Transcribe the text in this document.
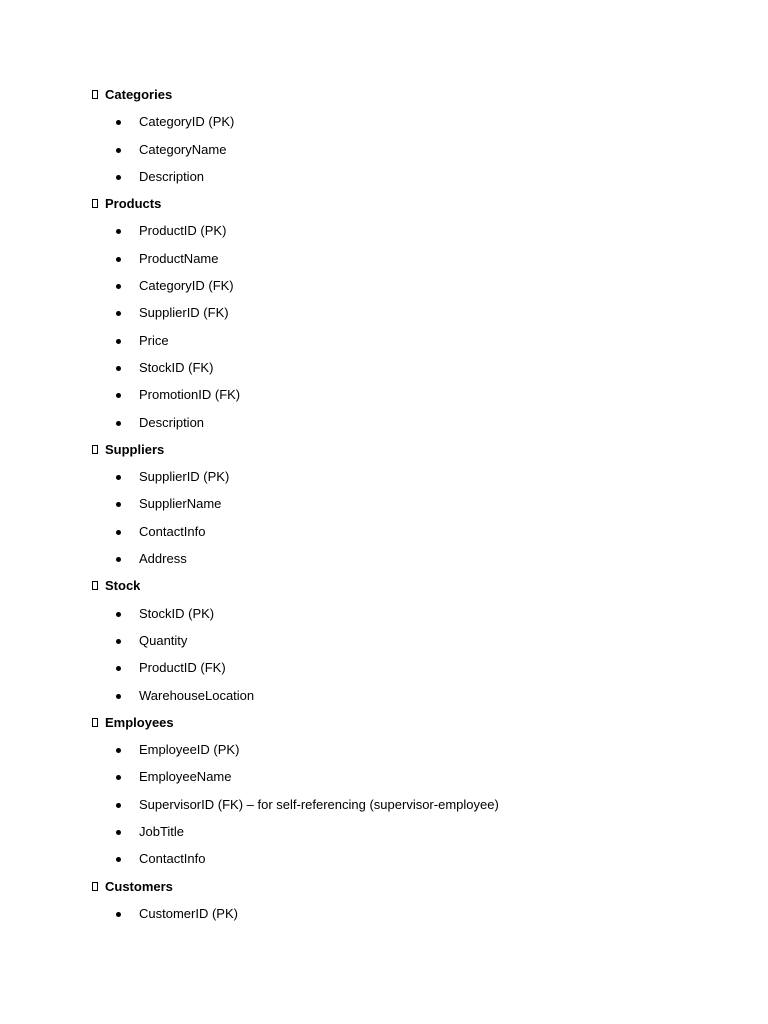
Categories
CategoryID (PK)
CategoryName
Description
Products
ProductID (PK)
ProductName
CategoryID (FK)
SupplierID (FK)
Price
StockID (FK)
PromotionID (FK)
Description
Suppliers
SupplierID (PK)
SupplierName
ContactInfo
Address
Stock
StockID (PK)
Quantity
ProductID (FK)
WarehouseLocation
Employees
EmployeeID (PK)
EmployeeName
SupervisorID (FK) – for self-referencing (supervisor-employee)
JobTitle
ContactInfo
Customers
CustomerID (PK)
